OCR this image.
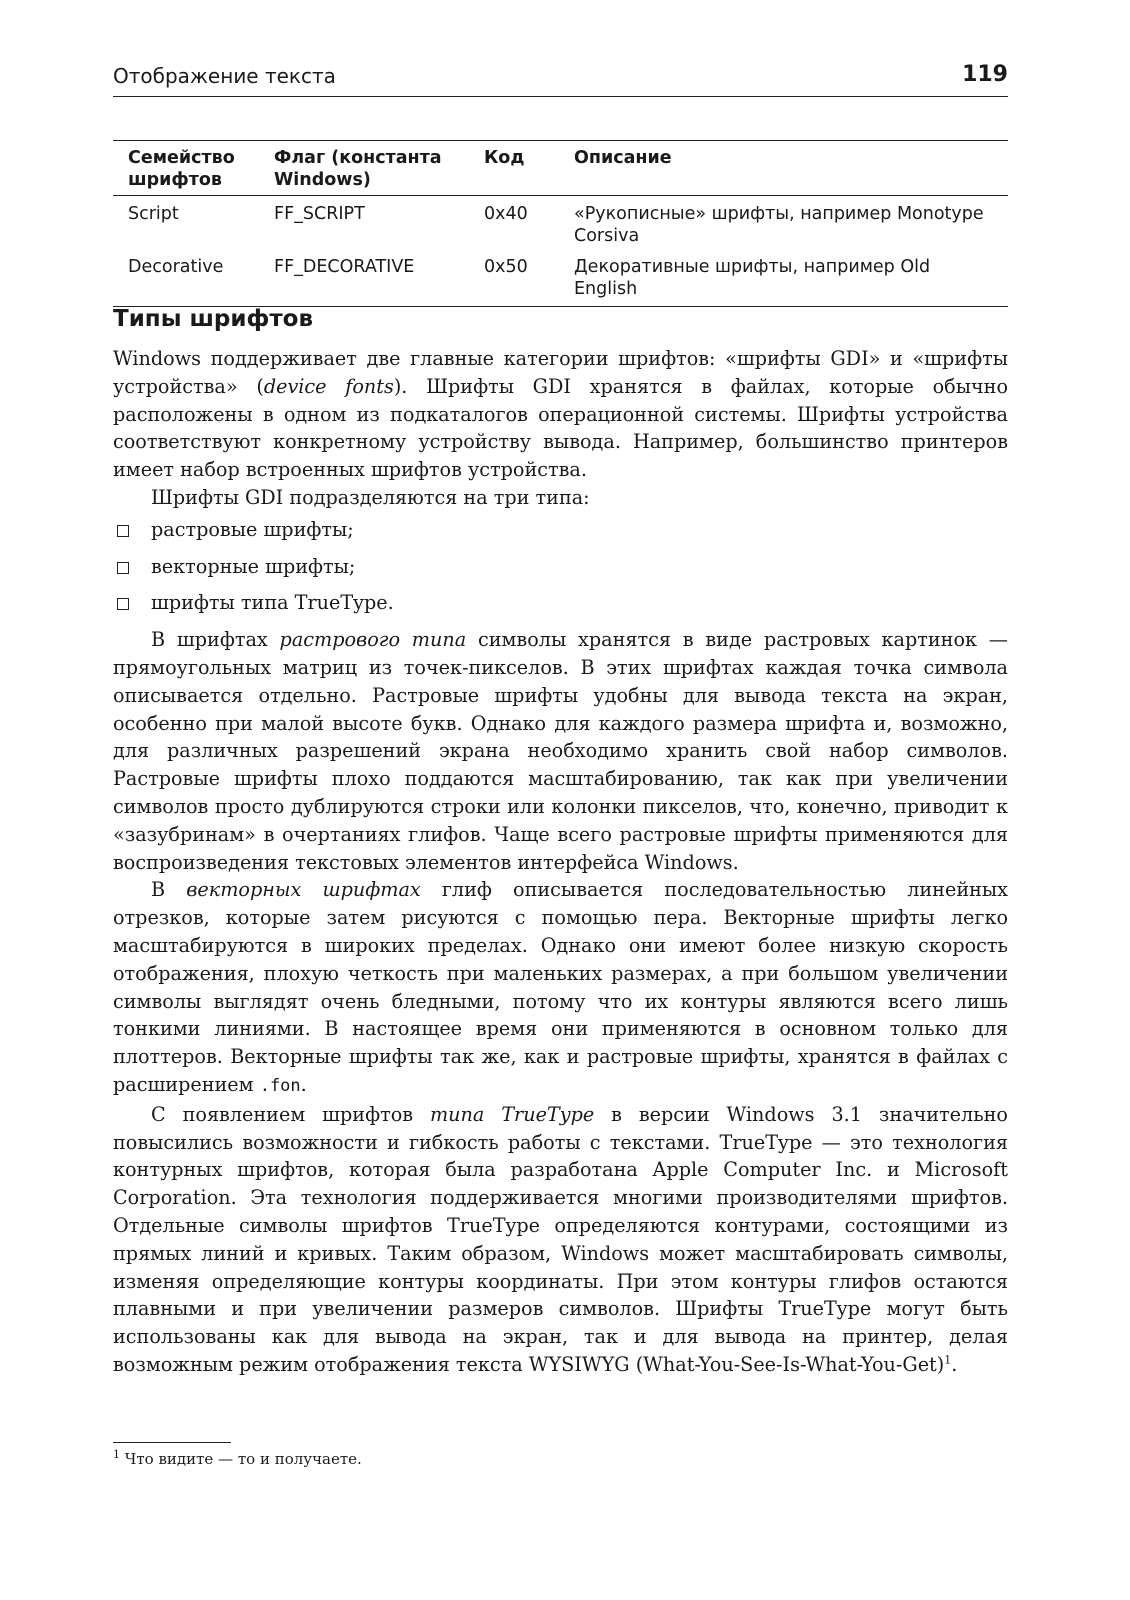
Отображение текста	119
Семейство шрифтов	Флаг (константа Windows)	Код	Описание
Script	FF_SCRIPT	0x40	«Рукописные» шрифты, например Monotype Corsiva
Decorative	FF_DECORATIVE	0x50	Декоративные шрифты, например Old English
Типы шрифтов

Windows поддерживает две главные категории шрифтов: «шрифты GDI» и «шрифты устройства» (device fonts). Шрифты GDI хранятся в файлах, которые обычно расположены в одном из подкаталогов операционной системы. Шрифты устройства соответствуют конкретному устройству вывода. Например, большинство принтеров имеет набор встроенных шрифтов устройства.

Шрифты GDI подразделяются на три типа:

растровые шрифты;
векторные шрифты;
шрифты типа TrueType.

В шрифтах растрового типа символы хранятся в виде растровых картинок — прямоугольных матриц из точек-пикселов. В этих шрифтах каждая точка символа описывается отдельно. Растровые шрифты удобны для вывода текста на экран, особенно при малой высоте букв. Однако для каждого размера шрифта и, возможно, для различных разрешений экрана необходимо хранить свой набор символов. Растровые шрифты плохо поддаются масштабированию, так как при увеличении символов просто дублируются строки или колонки пикселов, что, конечно, приводит к «зазубринам» в очертаниях глифов. Чаще всего растровые шрифты применяются для воспроизведения текстовых элементов интерфейса Windows.

В векторных шрифтах глиф описывается последовательностью линейных отрезков, которые затем рисуются с помощью пера. Векторные шрифты легко масштабируются в широких пределах. Однако они имеют более низкую скорость отображения, плохую четкость при маленьких размерах, а при большом увеличении символы выглядят очень бледными, потому что их контуры являются всего лишь тонкими линиями. В настоящее время они применяются в основном только для плоттеров. Векторные шрифты так же, как и растровые шрифты, хранятся в файлах с расширением .fon.

С появлением шрифтов типа TrueType в версии Windows 3.1 значительно повысились возможности и гибкость работы с текстами. TrueType — это технология контурных шрифтов, которая была разработана Apple Computer Inc. и Microsoft Corporation. Эта технология поддерживается многими производителями шрифтов. Отдельные символы шрифтов TrueType определяются контурами, состоящими из прямых линий и кривых. Таким образом, Windows может масштабировать символы, изменяя определяющие контуры координаты. При этом контуры глифов остаются плавными и при увеличении размеров символов. Шрифты TrueType могут быть использованы как для вывода на экран, так и для вывода на принтер, делая возможным режим отображения текста WYSIWYG (What-You-See-Is-What-You-Get)$^1$.

$^1$ Что видите — то и получаете.
